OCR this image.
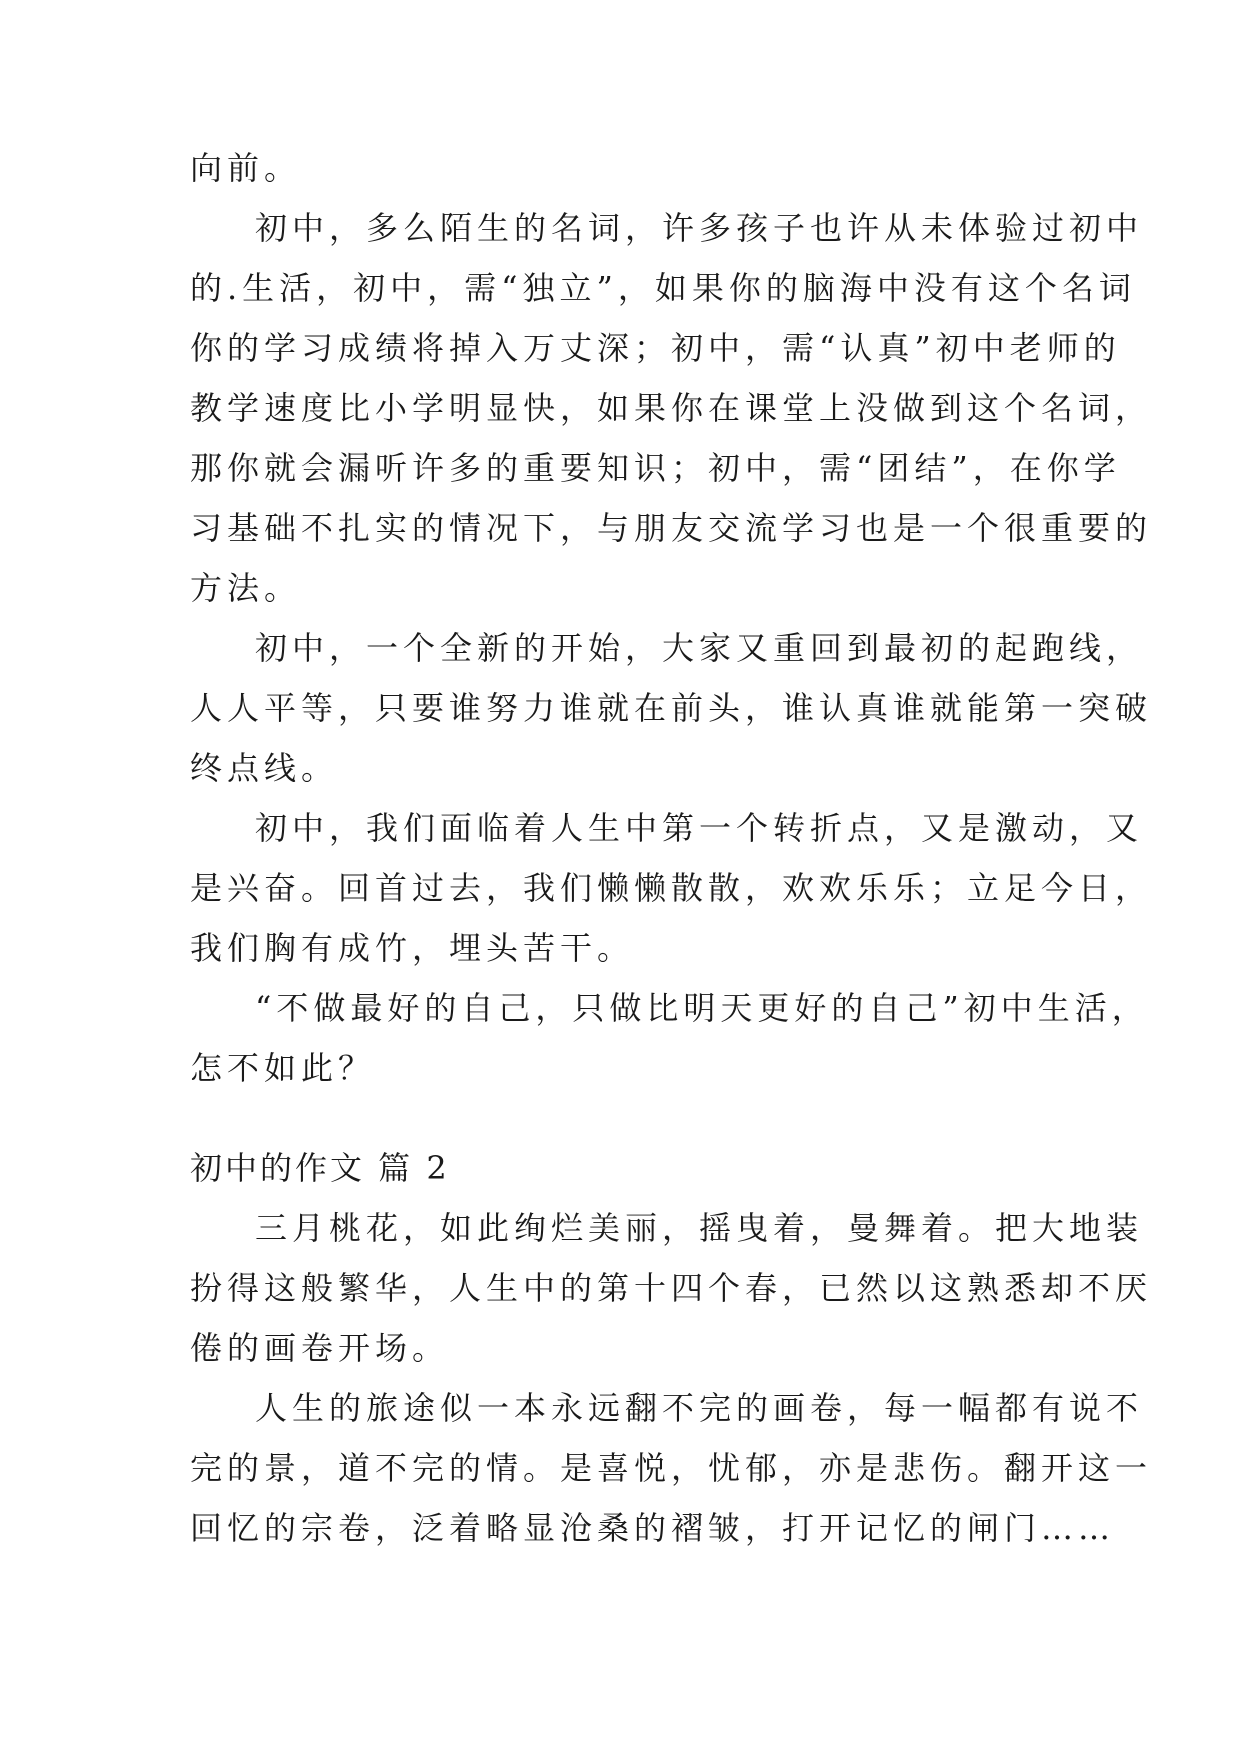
向前。
初中，多么陌生的名词，许多孩子也许从未体验过初中
的.生活，初中，需“独立”，如果你的脑海中没有这个名词
你的学习成绩将掉入万丈深；初中，需“认真”初中老师的
教学速度比小学明显快，如果你在课堂上没做到这个名词，
那你就会漏听许多的重要知识；初中，需“团结”，在你学
习基础不扎实的情况下，与朋友交流学习也是一个很重要的
方法。
初中，一个全新的开始，大家又重回到最初的起跑线，
人人平等，只要谁努力谁就在前头，谁认真谁就能第一突破
终点线。
初中，我们面临着人生中第一个转折点，又是激动，又
是兴奋。回首过去，我们懒懒散散，欢欢乐乐；立足今日，
我们胸有成竹，埋头苦干。
“不做最好的自己，只做比明天更好的自己”初中生活，
怎不如此？
初中的作文 篇 2
三月桃花，如此绚烂美丽，摇曳着，曼舞着。把大地装
扮得这般繁华，人生中的第十四个春，已然以这熟悉却不厌
倦的画卷开场。
人生的旅途似一本永远翻不完的画卷，每一幅都有说不
完的景，道不完的情。是喜悦，忧郁，亦是悲伤。翻开这一
回忆的宗卷，泛着略显沧桑的褶皱，打开记忆的闸门……
